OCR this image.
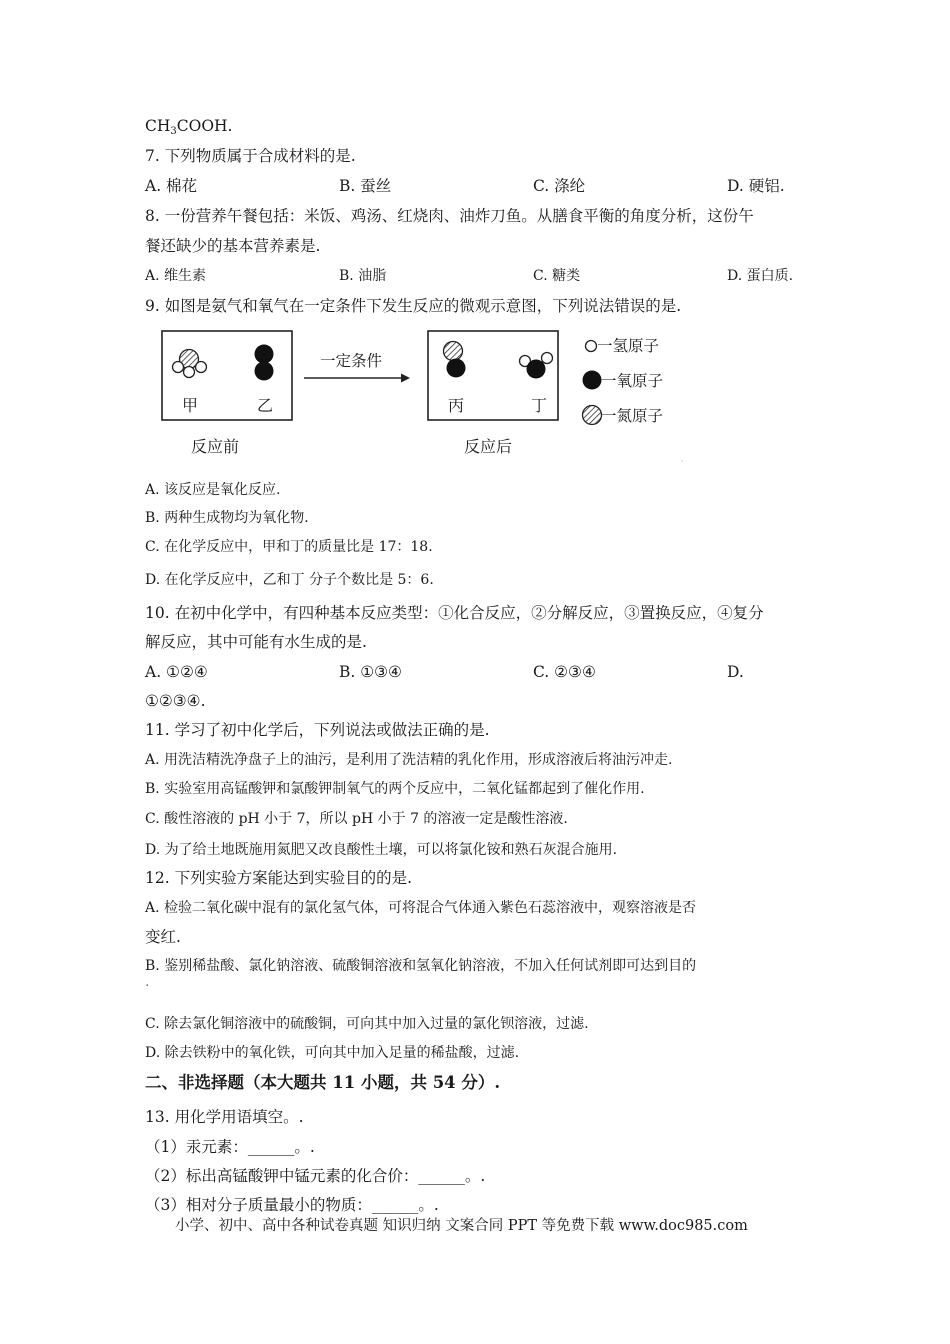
$CH_3COOH$.
7. 下列物质属于合成材料的是.
A. 棉花	B. 蚕丝	C. 涤纶	D. 硬铝.
8. 一份营养午餐包括：米饭、鸡汤、红烧肉、油炸刀鱼。从膳食平衡的角度分析，这份午
餐还缺少的基本营养素是.
A. 维生素	B. 油脂	C. 糖类	D. 蛋白质.
9. 如图是氨气和氧气在一定条件下发生反应的微观示意图，下列说法错误的是.
˙
甲	乙
一定条件
丙	丁
反应前	反应后
一氢原子
一氧原子
一氮原子
A. 该反应是氧化反应.
B. 两种生成物均为氧化物.
C. 在化学反应中，甲和丁的质量比是 17：18.
D. 在化学反应中，乙和丁 分子个数比是 5：6.
10. 在初中化学中，有四种基本反应类型：①化合反应，②分解反应，③置换反应，④复分
解反应，其中可能有水生成的是.
A. ①②④	B. ①③④	C. ②③④	D.
①②③④.
11. 学习了初中化学后，下列说法或做法正确的是.
A. 用洗洁精洗净盘子上的油污，是利用了洗洁精的乳化作用，形成溶液后将油污冲走.
B. 实验室用高锰酸钾和氯酸钾制氧气的两个反应中，二氧化锰都起到了催化作用.
C. 酸性溶液的 pH 小于 7，所以 pH 小于 7 的溶液一定是酸性溶液.
D. 为了给土地既施用氮肥又改良酸性土壤，可以将氯化铵和熟石灰混合施用.
12. 下列实验方案能达到实验目的的是.
A. 检验二氧化碳中混有的氯化氢气体，可将混合气体通入紫色石蕊溶液中，观察溶液是否
变红.
B. 鉴别稀盐酸、氯化钠溶液、硫酸铜溶液和氢氧化钠溶液，不加入任何试剂即可达到目的
.
C. 除去氯化铜溶液中的硫酸铜，可向其中加入过量的氯化钡溶液，过滤.
D. 除去铁粉中的氧化铁，可向其中加入足量的稀盐酸，过滤.
二、非选择题（本大题共 11 小题，共 54 分）.
13. 用化学用语填空。.
（1）汞元素：______。.
（2）标出高锰酸钾中锰元素的化合价：______。.
（3）相对分子质量最小的物质：______。.
小学、初中、高中各种试卷真题 知识归纳 文案合同 PPT 等免费下载 www.doc985.com
